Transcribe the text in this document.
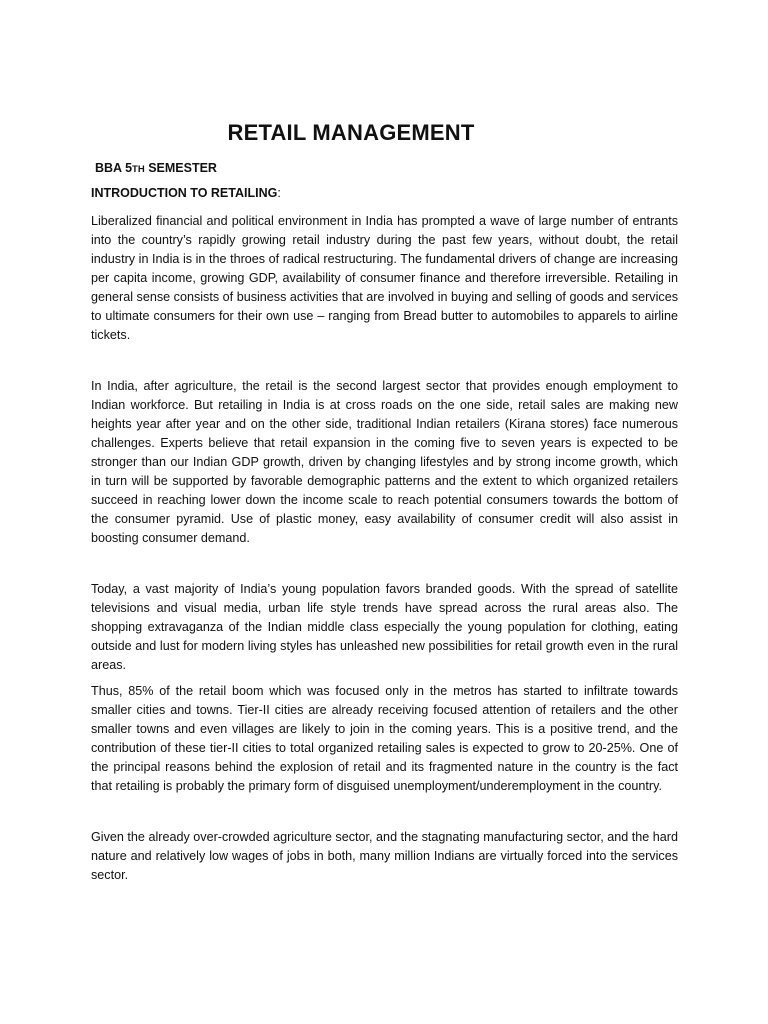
RETAIL MANAGEMENT

BBA 5TH SEMESTER

INTRODUCTION TO RETAILING:

Liberalized financial and political environment in India has prompted a wave of large number of entrants into the country’s rapidly growing retail industry during the past few years, without doubt, the retail industry in India is in the throes of radical restructuring. The fundamental drivers of change are increasing per capita income, growing GDP, availability of consumer finance and therefore irreversible. Retailing in general sense consists of business activities that are involved in buying and selling of goods and services to ultimate consumers for their own use – ranging from Bread butter to automobiles to apparels to airline tickets.

In India, after agriculture, the retail is the second largest sector that provides enough employment to Indian workforce. But retailing in India is at cross roads on the one side, retail sales are making new heights year after year and on the other side, traditional Indian retailers (Kirana stores) face numerous challenges. Experts believe that retail expansion in the coming five to seven years is expected to be stronger than our Indian GDP growth, driven by changing lifestyles and by strong income growth, which in turn will be supported by favorable demographic patterns and the extent to which organized retailers succeed in reaching lower down the income scale to reach potential consumers towards the bottom of the consumer pyramid. Use of plastic money, easy availability of consumer credit will also assist in boosting consumer demand.

Today, a vast majority of India’s young population favors branded goods. With the spread of satellite televisions and visual media, urban life style trends have spread across the rural areas also. The shopping extravaganza of the Indian middle class especially the young population for clothing, eating outside and lust for modern living styles has unleashed new possibilities for retail growth even in the rural areas.

Thus, 85% of the retail boom which was focused only in the metros has started to infiltrate towards smaller cities and towns. Tier-II cities are already receiving focused attention of retailers and the other smaller towns and even villages are likely to join in the coming years. This is a positive trend, and the contribution of these tier-II cities to total organized retailing sales is expected to grow to 20-25%. One of the principal reasons behind the explosion of retail and its fragmented nature in the country is the fact that retailing is probably the primary form of disguised unemployment/underemployment in the country.

Given the already over-crowded agriculture sector, and the stagnating manufacturing sector, and the hard nature and relatively low wages of jobs in both, many million Indians are virtually forced into the services sector.
